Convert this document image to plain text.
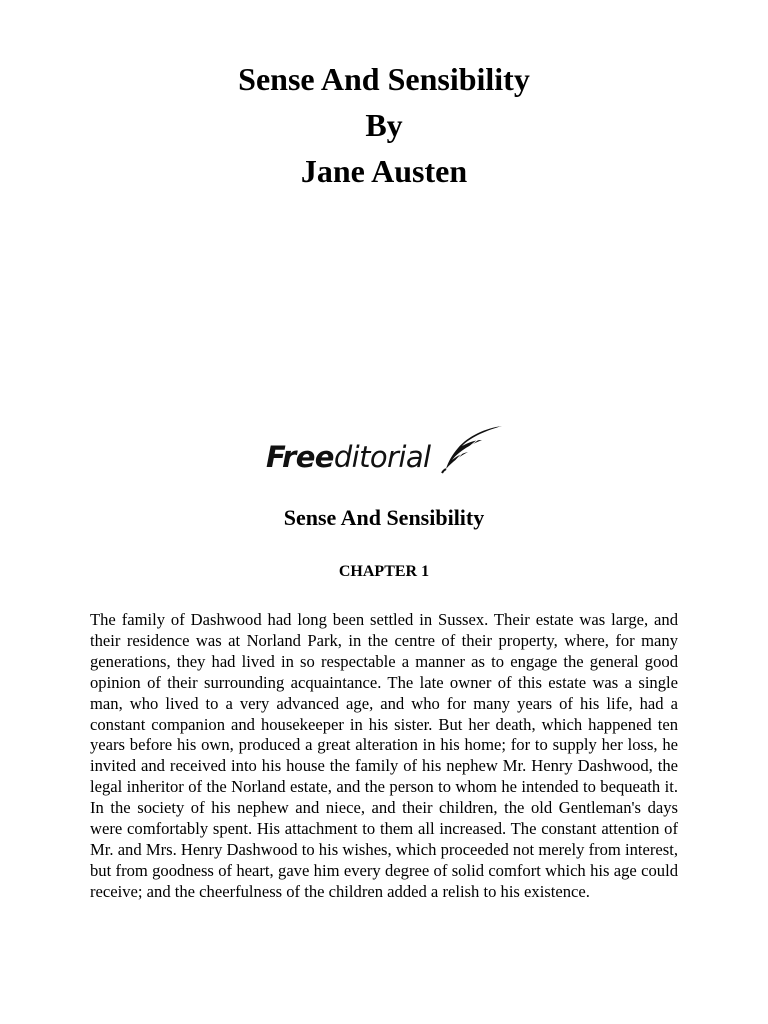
Sense And Sensibility

By

Jane Austen

Freeditorial

Sense And Sensibility

CHAPTER 1

The family of Dashwood had long been settled in Sussex. Their estate was large, and their residence was at Norland Park, in the centre of their property, where, for many generations, they had lived in so respectable a manner as to engage the general good opinion of their surrounding acquaintance. The late owner of this estate was a single man, who lived to a very advanced age, and who for many years of his life, had a constant companion and housekeeper in his sister. But her death, which happened ten years before his own, produced a great alteration in his home; for to supply her loss, he invited and received into his house the family of his nephew Mr. Henry Dashwood, the legal inheritor of the Norland estate, and the person to whom he intended to bequeath it. In the society of his nephew and niece, and their children, the old Gentleman's days were comfortably spent. His attachment to them all increased. The constant attention of Mr. and Mrs. Henry Dashwood to his wishes, which proceeded not merely from interest, but from goodness of heart, gave him every degree of solid comfort which his age could receive; and the cheerfulness of the children added a relish to his existence.
